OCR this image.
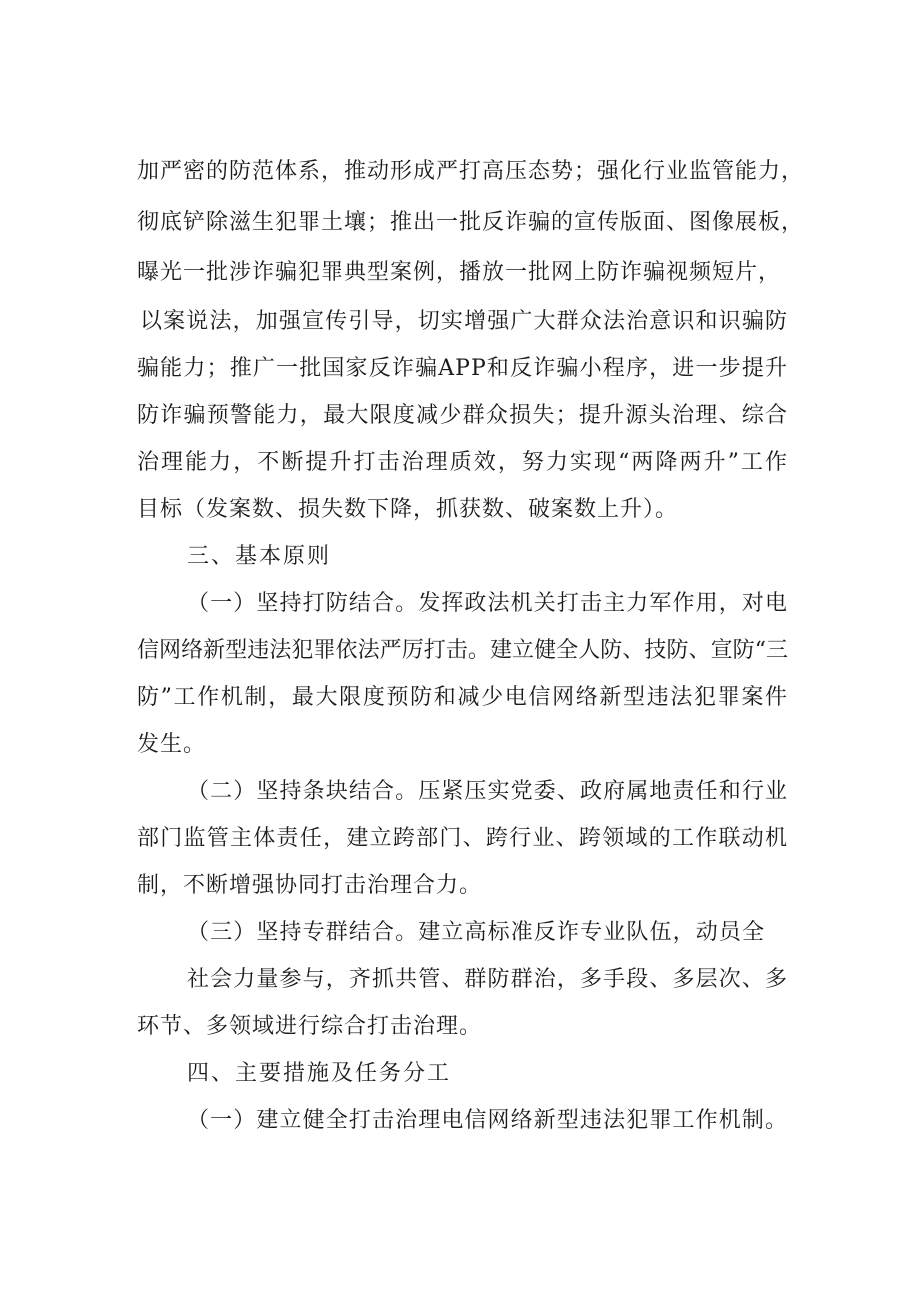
加严密的防范体系，推动形成严打高压态势；强化行业监管能力，
彻底铲除滋生犯罪土壤；推出一批反诈骗的宣传版面、图像展板，
曝光一批涉诈骗犯罪典型案例，播放一批网上防诈骗视频短片，
以案说法，加强宣传引导，切实增强广大群众法治意识和识骗防
骗能力；推广一批国家反诈骗APP和反诈骗小程序，进一步提升
防诈骗预警能力，最大限度减少群众损失；提升源头治理、综合
治理能力，不断提升打击治理质效，努力实现“两降两升”工作
目标（发案数、损失数下降，抓获数、破案数上升）。
三、基本原则
（一）坚持打防结合。发挥政法机关打击主力军作用，对电
信网络新型违法犯罪依法严厉打击。建立健全人防、技防、宣防“三
防”工作机制，最大限度预防和减少电信网络新型违法犯罪案件
发生。
（二）坚持条块结合。压紧压实党委、政府属地责任和行业
部门监管主体责任，建立跨部门、跨行业、跨领域的工作联动机
制，不断增强协同打击治理合力。
（三）坚持专群结合。建立高标准反诈专业队伍，动员全
社会力量参与，齐抓共管、群防群治，多手段、多层次、多
环节、多领域进行综合打击治理。
四、主要措施及任务分工
（一）建立健全打击治理电信网络新型违法犯罪工作机制。
